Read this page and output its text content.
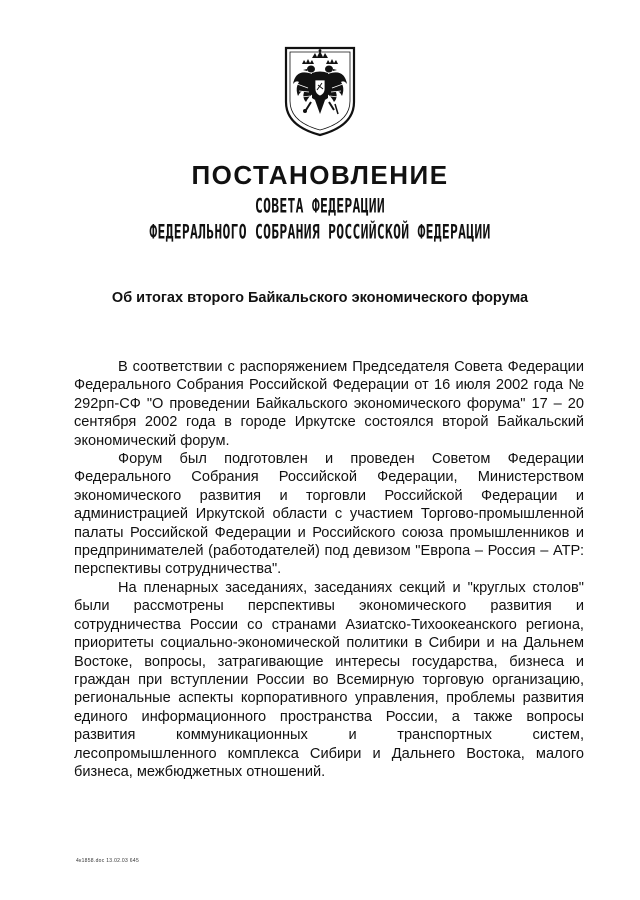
ПОСТАНОВЛЕНИЕ
СОВЕТА ФЕДЕРАЦИИ
ФЕДЕРАЛЬНОГО СОБРАНИЯ РОССИЙСКОЙ ФЕДЕРАЦИИ
Об итогах второго Байкальского экономического форума

В соответствии с распоряжением Председателя Совета Федерации Федерального Собрания Российской Федерации от 16 июля 2002 года № 292рп-СФ "О проведении Байкальского экономического форума" 17 – 20 сентября 2002 года в городе Иркутске состоялся второй Байкальский экономический форум.

Форум был подготовлен и проведен Советом Федерации Федерального Собрания Российской Федерации, Министерством экономического развития и торговли Российской Федерации и администрацией Иркутской области с участием Торгово-промышленной палаты Российской Федерации и Российского союза промышленников и предпринимателей (работодателей) под девизом "Европа – Россия – АТР: перспективы сотрудничества".

На пленарных заседаниях, заседаниях секций и "круглых столов" были рассмотрены перспективы экономического развития и сотрудничества России со странами Азиатско-Тихоокеанского региона, приоритеты социально-экономической политики в Сибири и на Дальнем Востоке, вопросы, затрагивающие интересы государства, бизнеса и граждан при вступлении России во Всемирную торговую организацию, региональные аспекты корпоративного управления, проблемы развития единого информационного пространства России, а также вопросы развития коммуникационных и транспортных систем, лесопромышленного комплекса Сибири и Дальнего Востока, малого бизнеса, межбюджетных отношений.

4к1858.doc 13.02.03 645
